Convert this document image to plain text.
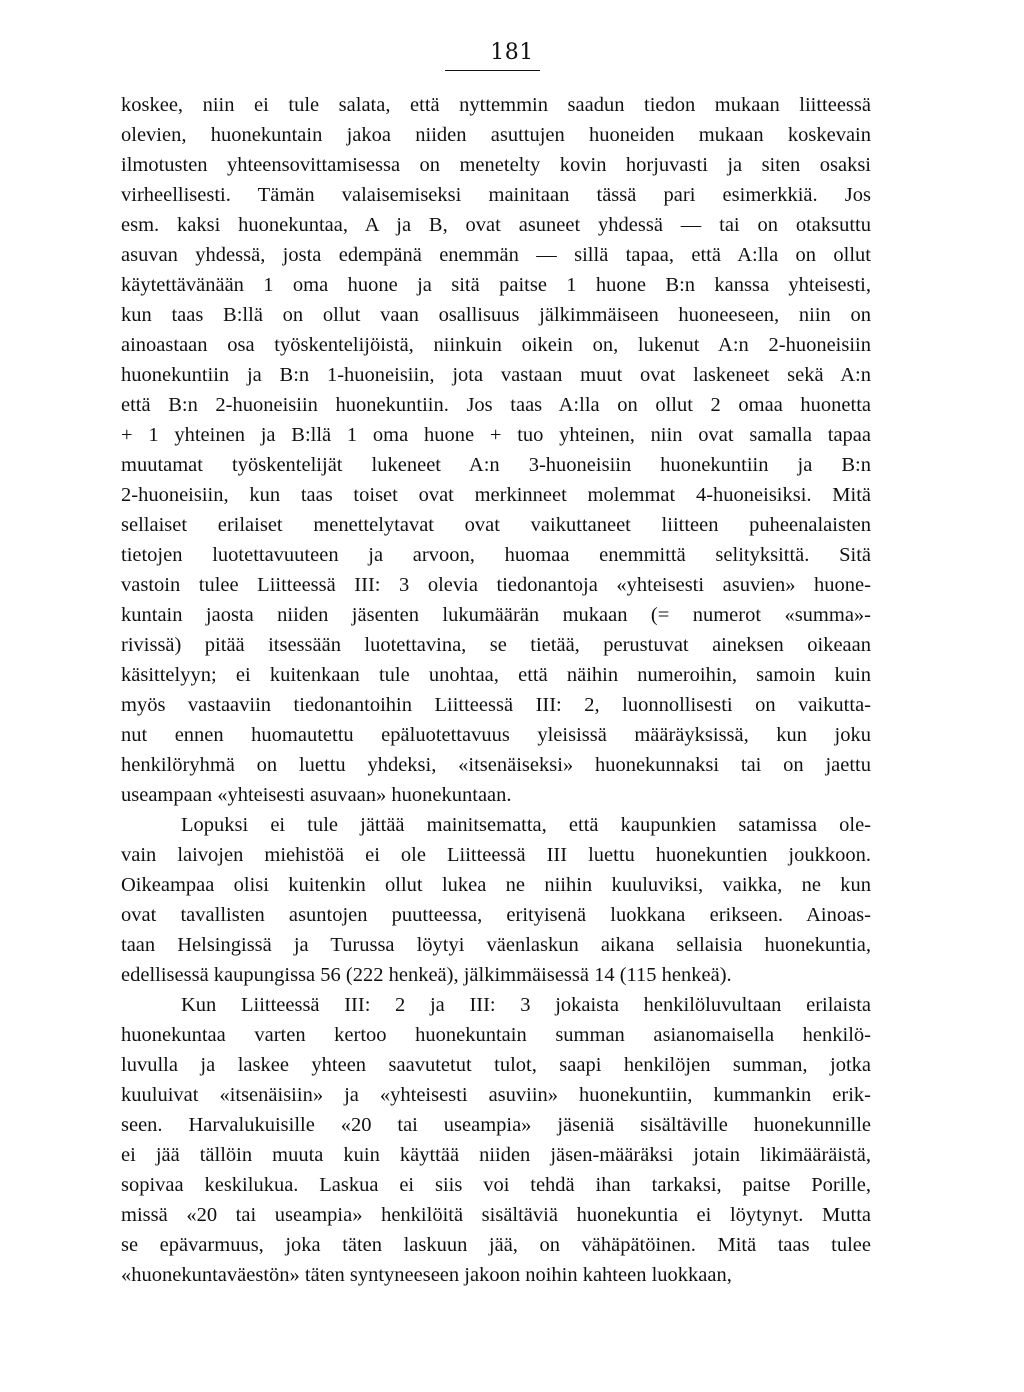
181
koskee, niin ei tule salata, että nyttemmin saadun tiedon mukaan liitteessä
olevien, huonekuntain jakoa niiden asuttujen huoneiden mukaan koskevain
ilmotusten yhteensovittamisessa on menetelty kovin horjuvasti ja siten osaksi
virheellisesti. Tämän valaisemiseksi mainitaan tässä pari esimerkkiä. Jos
esm. kaksi huonekuntaa, A ja B, ovat asuneet yhdessä — tai on otaksuttu
asuvan yhdessä, josta edempänä enemmän — sillä tapaa, että A:lla on ollut
käytettävänään 1 oma huone ja sitä paitse 1 huone B:n kanssa yhteisesti,
kun taas B:llä on ollut vaan osallisuus jälkimmäiseen huoneeseen, niin on
ainoastaan osa työskentelijöistä, niinkuin oikein on, lukenut A:n 2-huoneisiin
huonekuntiin ja B:n 1-huoneisiin, jota vastaan muut ovat laskeneet sekä A:n
että B:n 2-huoneisiin huonekuntiin. Jos taas A:lla on ollut 2 omaa huonetta
+ 1 yhteinen ja B:llä 1 oma huone + tuo yhteinen, niin ovat samalla tapaa
muutamat työskentelijät lukeneet A:n 3-huoneisiin huonekuntiin ja B:n
2-huoneisiin, kun taas toiset ovat merkinneet molemmat 4-huoneisiksi. Mitä
sellaiset erilaiset menettelytavat ovat vaikuttaneet liitteen puheenalaisten
tietojen luotettavuuteen ja arvoon, huomaa enemmittä selityksittä. Sitä
vastoin tulee Liitteessä III: 3 olevia tiedonantoja «yhteisesti asuvien» huone-
kuntain jaosta niiden jäsenten lukumäärän mukaan (= numerot «summa»-
rivissä) pitää itsessään luotettavina, se tietää, perustuvat aineksen oikeaan
käsittelyyn; ei kuitenkaan tule unohtaa, että näihin numeroihin, samoin kuin
myös vastaaviin tiedonantoihin Liitteessä III: 2, luonnollisesti on vaikutta-
nut ennen huomautettu epäluotettavuus yleisissä määräyksissä, kun joku
henkilöryhmä on luettu yhdeksi, «itsenäiseksi» huonekunnaksi tai on jaettu
useampaan «yhteisesti asuvaan» huonekuntaan.
Lopuksi ei tule jättää mainitsematta, että kaupunkien satamissa ole-
vain laivojen miehistöä ei ole Liitteessä III luettu huonekuntien joukkoon.
Oikeampaa olisi kuitenkin ollut lukea ne niihin kuuluviksi, vaikka, ne kun
ovat tavallisten asuntojen puutteessa, erityisenä luokkana erikseen. Ainoas-
taan Helsingissä ja Turussa löytyi väenlaskun aikana sellaisia huonekuntia,
edellisessä kaupungissa 56 (222 henkeä), jälkimmäisessä 14 (115 henkeä).
Kun Liitteessä III: 2 ja III: 3 jokaista henkilöluvultaan erilaista
huonekuntaa varten kertoo huonekuntain summan asianomaisella henkilö-
luvulla ja laskee yhteen saavutetut tulot, saapi henkilöjen summan, jotka
kuuluivat «itsenäisiin» ja «yhteisesti asuviin» huonekuntiin, kummankin erik-
seen. Harvalukuisille «20 tai useampia» jäseniä sisältäville huonekunnille
ei jää tällöin muuta kuin käyttää niiden jäsen-määräksi jotain likimääräistä,
sopivaa keskilukua. Laskua ei siis voi tehdä ihan tarkaksi, paitse Porille,
missä «20 tai useampia» henkilöitä sisältäviä huonekuntia ei löytynyt. Mutta
se epävarmuus, joka täten laskuun jää, on vähäpätöinen. Mitä taas tulee
«huonekuntaväestön» täten syntyneeseen jakoon noihin kahteen luokkaan,
